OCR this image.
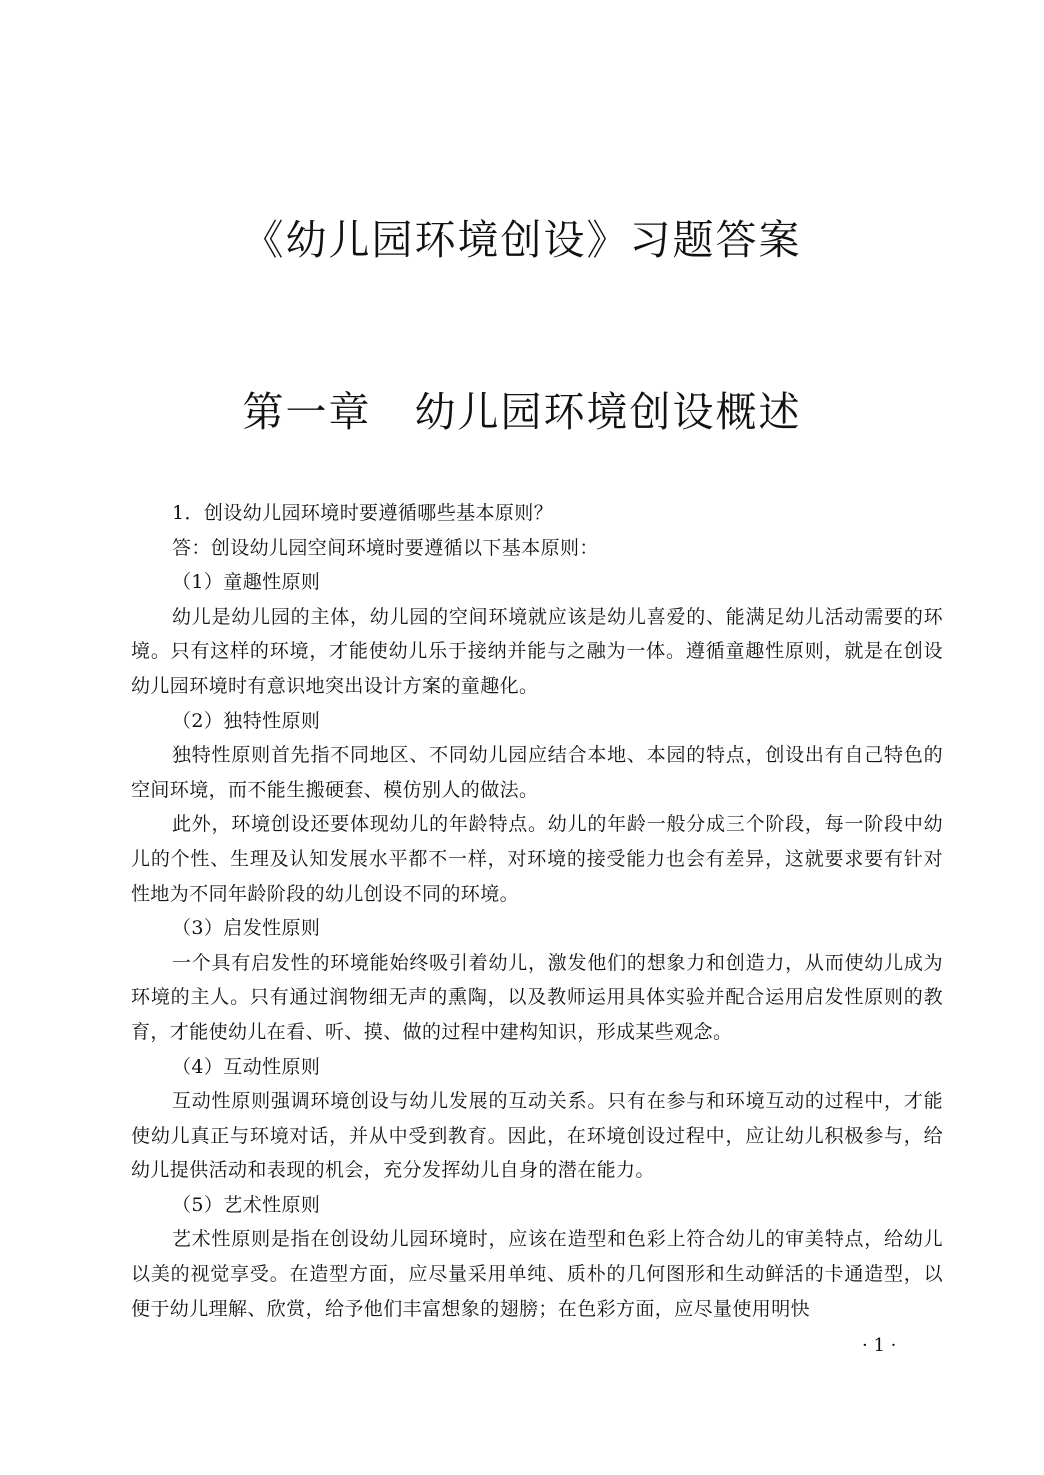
《幼儿园环境创设》习题答案
第一章　幼儿园环境创设概述

1．创设幼儿园环境时要遵循哪些基本原则？

答：创设幼儿园空间环境时要遵循以下基本原则：

（1）童趣性原则

幼儿是幼儿园的主体，幼儿园的空间环境就应该是幼儿喜爱的、能满足幼儿活动需要的环境。只有这样的环境，才能使幼儿乐于接纳并能与之融为一体。遵循童趣性原则，就是在创设幼儿园环境时有意识地突出设计方案的童趣化。

（2）独特性原则

独特性原则首先指不同地区、不同幼儿园应结合本地、本园的特点，创设出有自己特色的空间环境，而不能生搬硬套、模仿别人的做法。

此外，环境创设还要体现幼儿的年龄特点。幼儿的年龄一般分成三个阶段，每一阶段中幼儿的个性、生理及认知发展水平都不一样，对环境的接受能力也会有差异，这就要求要有针对性地为不同年龄阶段的幼儿创设不同的环境。

（3）启发性原则

一个具有启发性的环境能始终吸引着幼儿，激发他们的想象力和创造力，从而使幼儿成为环境的主人。只有通过润物细无声的熏陶，以及教师运用具体实验并配合运用启发性原则的教育，才能使幼儿在看、听、摸、做的过程中建构知识，形成某些观念。

（4）互动性原则

互动性原则强调环境创设与幼儿发展的互动关系。只有在参与和环境互动的过程中，才能使幼儿真正与环境对话，并从中受到教育。因此，在环境创设过程中，应让幼儿积极参与，给幼儿提供活动和表现的机会，充分发挥幼儿自身的潜在能力。

（5）艺术性原则

艺术性原则是指在创设幼儿园环境时，应该在造型和色彩上符合幼儿的审美特点，给幼儿以美的视觉享受。在造型方面，应尽量采用单纯、质朴的几何图形和生动鲜活的卡通造型，以便于幼儿理解、欣赏，给予他们丰富想象的翅膀；在色彩方面，应尽量使用明快

· 1 ·
